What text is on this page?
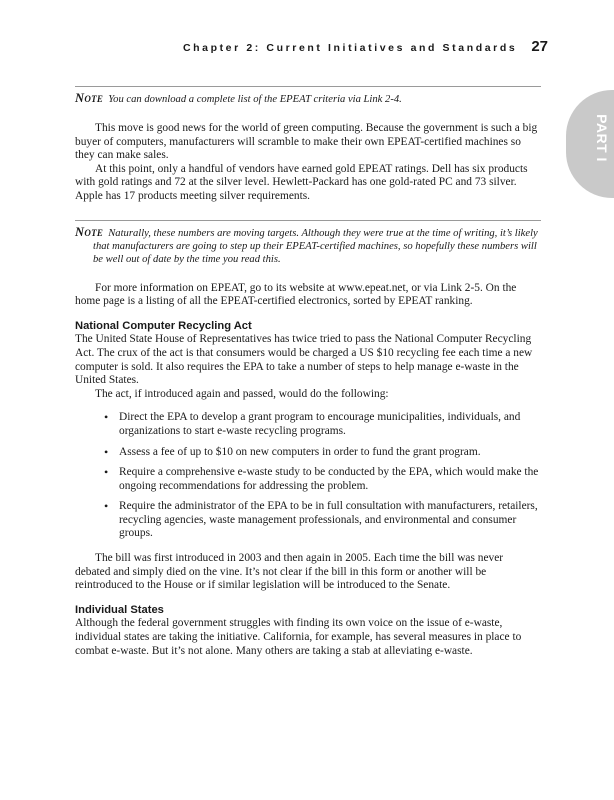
Chapter 2: Current Initiatives and Standards 27
PART I
Note You can download a complete list of the EPEAT criteria via Link 2-4.

This move is good news for the world of green computing. Because the government is such a big buyer of computers, manufacturers will scramble to make their own EPEAT-certified machines so they can make sales.

At this point, only a handful of vendors have earned gold EPEAT ratings. Dell has six products with gold ratings and 72 at the silver level. Hewlett-Packard has one gold-rated PC and 73 silver. Apple has 17 products meeting silver requirements.

Note Naturally, these numbers are moving targets. Although they were true at the time of writing, it’s likely that manufacturers are going to step up their EPEAT-certified machines, so hopefully these numbers will be well out of date by the time you read this.

For more information on EPEAT, go to its website at www.epeat.net, or via Link 2-5. On the home page is a listing of all the EPEAT-certified electronics, sorted by EPEAT ranking.

National Computer Recycling Act

The United State House of Representatives has twice tried to pass the National Computer Recycling Act. The crux of the act is that consumers would be charged a US $10 recycling fee each time a new computer is sold. It also requires the EPA to take a number of steps to help manage e-waste in the United States.

The act, if introduced again and passed, would do the following:

• Direct the EPA to develop a grant program to encourage municipalities, individuals, and organizations to start e-waste recycling programs.
• Assess a fee of up to $10 on new computers in order to fund the grant program.
• Require a comprehensive e-waste study to be conducted by the EPA, which would make the ongoing recommendations for addressing the problem.
• Require the administrator of the EPA to be in full consultation with manufacturers, retailers, recycling agencies, waste management professionals, and environmental and consumer groups.

The bill was first introduced in 2003 and then again in 2005. Each time the bill was never debated and simply died on the vine. It’s not clear if the bill in this form or another will be reintroduced to the House or if similar legislation will be introduced to the Senate.

Individual States

Although the federal government struggles with finding its own voice on the issue of e-waste, individual states are taking the initiative. California, for example, has several measures in place to combat e-waste. But it’s not alone. Many others are taking a stab at alleviating e-waste.
